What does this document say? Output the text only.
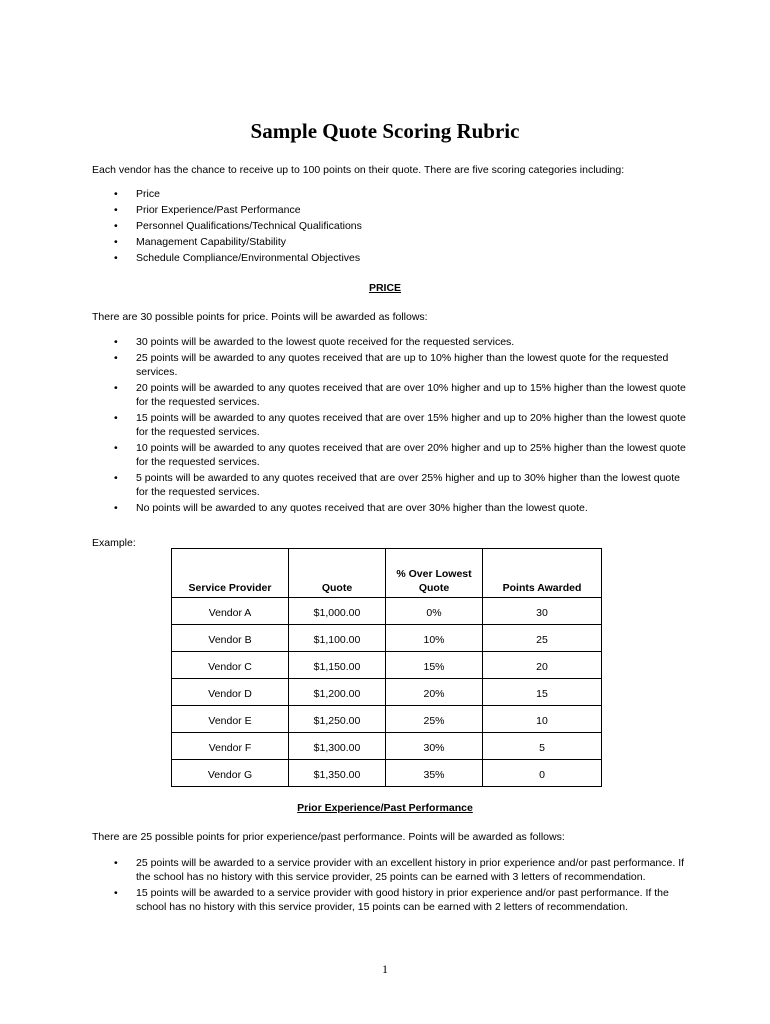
Sample Quote Scoring Rubric
Each vendor has the chance to receive up to 100 points on their quote. There are five scoring categories including:
• Price
• Prior Experience/Past Performance
• Personnel Qualifications/Technical Qualifications
• Management Capability/Stability
• Schedule Compliance/Environmental Objectives
PRICE
There are 30 possible points for price. Points will be awarded as follows:
• 30 points will be awarded to the lowest quote received for the requested services.
• 25 points will be awarded to any quotes received that are up to 10% higher than the lowest quote for the requested services.
• 20 points will be awarded to any quotes received that are over 10% higher and up to 15% higher than the lowest quote for the requested services.
• 15 points will be awarded to any quotes received that are over 15% higher and up to 20% higher than the lowest quote for the requested services.
• 10 points will be awarded to any quotes received that are over 20% higher and up to 25% higher than the lowest quote for the requested services.
• 5 points will be awarded to any quotes received that are over 25% higher and up to 30% higher than the lowest quote for the requested services.
• No points will be awarded to any quotes received that are over 30% higher than the lowest quote.
Example:
Service Provider	Quote	% Over Lowest Quote	Points Awarded
Vendor A	$1,000.00	0%	30
Vendor B	$1,100.00	10%	25
Vendor C	$1,150.00	15%	20
Vendor D	$1,200.00	20%	15
Vendor E	$1,250.00	25%	10
Vendor F	$1,300.00	30%	5
Vendor G	$1,350.00	35%	0
Prior Experience/Past Performance
There are 25 possible points for prior experience/past performance. Points will be awarded as follows:
• 25 points will be awarded to a service provider with an excellent history in prior experience and/or past performance. If the school has no history with this service provider, 25 points can be earned with 3 letters of recommendation.
• 15 points will be awarded to a service provider with good history in prior experience and/or past performance. If the school has no history with this service provider, 15 points can be earned with 2 letters of recommendation.
1
